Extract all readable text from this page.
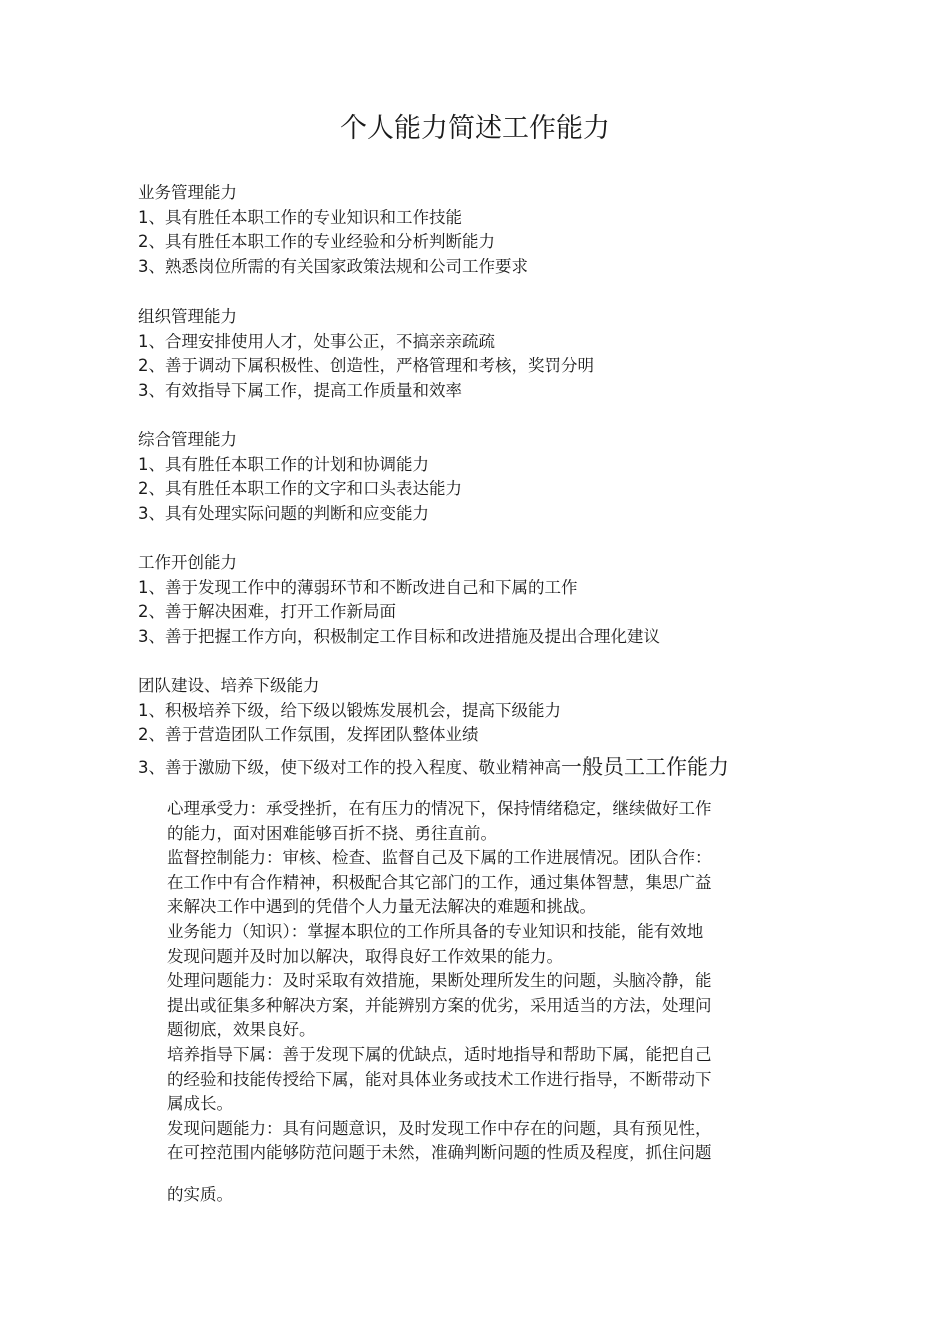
个人能力简述工作能力
业务管理能力
1、具有胜任本职工作的专业知识和工作技能
2、具有胜任本职工作的专业经验和分析判断能力
3、熟悉岗位所需的有关国家政策法规和公司工作要求
组织管理能力
1、合理安排使用人才，处事公正，不搞亲亲疏疏
2、善于调动下属积极性、创造性，严格管理和考核，奖罚分明
3、有效指导下属工作，提高工作质量和效率
综合管理能力
1、具有胜任本职工作的计划和协调能力
2、具有胜任本职工作的文字和口头表达能力
3、具有处理实际问题的判断和应变能力
工作开创能力
1、善于发现工作中的薄弱环节和不断改进自己和下属的工作
2、善于解决困难，打开工作新局面
3、善于把握工作方向，积极制定工作目标和改进措施及提出合理化建议
团队建设、培养下级能力
1、积极培养下级，给下级以锻炼发展机会，提高下级能力
2、善于营造团队工作氛围，发挥团队整体业绩
3、善于激励下级，使下级对工作的投入程度、敬业精神高一般员工工作能力
心理承受力：承受挫折，在有压力的情况下，保持情绪稳定，继续做好工作
的能力，面对困难能够百折不挠、勇往直前。
监督控制能力：审核、检查、监督自己及下属的工作进展情况。团队合作：
在工作中有合作精神，积极配合其它部门的工作，通过集体智慧，集思广益
来解决工作中遇到的凭借个人力量无法解决的难题和挑战。
业务能力（知识）：掌握本职位的工作所具备的专业知识和技能，能有效地
发现问题并及时加以解决，取得良好工作效果的能力。
处理问题能力：及时采取有效措施，果断处理所发生的问题，头脑冷静，能
提出或征集多种解决方案，并能辨别方案的优劣，采用适当的方法，处理问
题彻底，效果良好。
培养指导下属：善于发现下属的优缺点，适时地指导和帮助下属，能把自己
的经验和技能传授给下属，能对具体业务或技术工作进行指导，不断带动下
属成长。
发现问题能力：具有问题意识，及时发现工作中存在的问题，具有预见性，
在可控范围内能够防范问题于未然，准确判断问题的性质及程度，抓住问题
的实质。
